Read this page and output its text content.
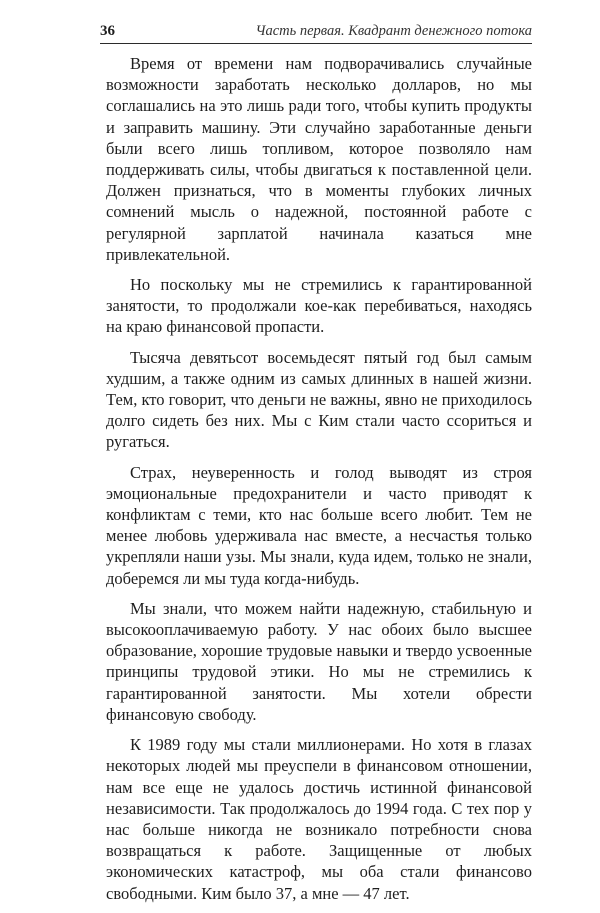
36	Часть первая. Квадрант денежного потока

Время от времени нам подворачивались случайные возможности заработать несколько долларов, но мы соглашались на это лишь ради того, чтобы купить продукты и заправить машину. Эти случайно заработанные деньги были всего лишь топливом, которое позволяло нам поддерживать силы, чтобы двигаться к поставленной цели. Должен признаться, что в моменты глубоких личных сомнений мысль о надежной, постоянной работе с регулярной зарплатой начинала казаться мне привлекательной.

Но поскольку мы не стремились к гарантированной занятости, то продолжали кое-как перебиваться, находясь на краю финансовой пропасти.

Тысяча девятьсот восемьдесят пятый год был самым худшим, а также одним из самых длинных в нашей жизни. Тем, кто говорит, что деньги не важны, явно не приходилось долго сидеть без них. Мы с Ким стали часто ссориться и ругаться.

Страх, неуверенность и голод выводят из строя эмоциональные предохранители и часто приводят к конфликтам с теми, кто нас больше всего любит. Тем не менее любовь удерживала нас вместе, а несчастья только укрепляли наши узы. Мы знали, куда идем, только не знали, доберемся ли мы туда когда-нибудь.

Мы знали, что можем найти надежную, стабильную и высокооплачиваемую работу. У нас обоих было высшее образование, хорошие трудовые навыки и твердо усвоенные принципы трудовой этики. Но мы не стремились к гарантированной занятости. Мы хотели обрести финансовую свободу.

К 1989 году мы стали миллионерами. Но хотя в глазах некоторых людей мы преуспели в финансовом отношении, нам все еще не удалось достичь истинной финансовой независимости. Так продолжалось до 1994 года. С тех пор у нас больше никогда не возникало потребности снова возвращаться к работе. Защищенные от любых экономических катастроф, мы оба стали финансово свободными. Ким было 37, а мне — 47 лет.
